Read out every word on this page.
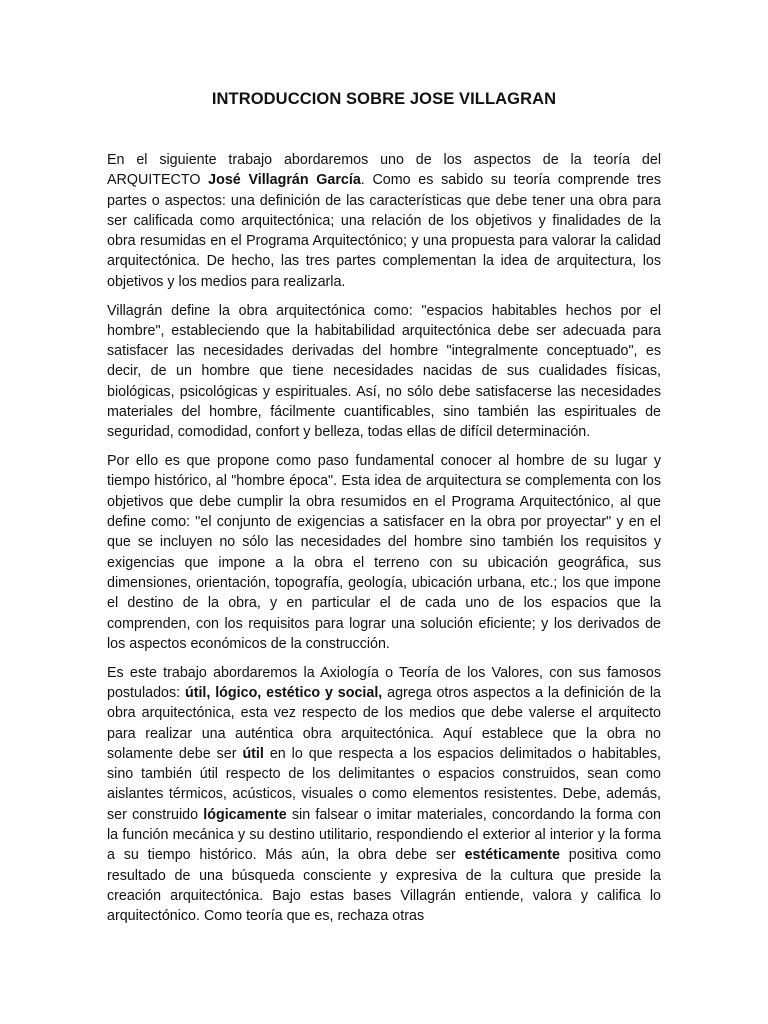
INTRODUCCION SOBRE JOSE VILLAGRAN

En el siguiente trabajo abordaremos uno de los aspectos de la teoría del ARQUITECTO José Villagrán García. Como es sabido su teoría comprende tres partes o aspectos: una definición de las características que debe tener una obra para ser calificada como arquitectónica; una relación de los objetivos y finalidades de la obra resumidas en el Programa Arquitectónico; y una propuesta para valorar la calidad arquitectónica. De hecho, las tres partes complementan la idea de arquitectura, los objetivos y los medios para realizarla.

Villagrán define la obra arquitectónica como: "espacios habitables hechos por el hombre", estableciendo que la habitabilidad arquitectónica debe ser adecuada para satisfacer las necesidades derivadas del hombre "integralmente conceptuado", es decir, de un hombre que tiene necesidades nacidas de sus cualidades físicas, biológicas, psicológicas y espirituales. Así, no sólo debe satisfacerse las necesidades materiales del hombre, fácilmente cuantificables, sino también las espirituales de seguridad, comodidad, confort y belleza, todas ellas de difícil determinación.

Por ello es que propone como paso fundamental conocer al hombre de su lugar y tiempo histórico, al "hombre época". Esta idea de arquitectura se complementa con los objetivos que debe cumplir la obra resumidos en el Programa Arquitectónico, al que define como: "el conjunto de exigencias a satisfacer en la obra por proyectar" y en el que se incluyen no sólo las necesidades del hombre sino también los requisitos y exigencias que impone a la obra el terreno con su ubicación geográfica, sus dimensiones, orientación, topografía, geología, ubicación urbana, etc.; los que impone el destino de la obra, y en particular el de cada uno de los espacios que la comprenden, con los requisitos para lograr una solución eficiente; y los derivados de los aspectos económicos de la construcción.

Es este trabajo abordaremos la Axiología o Teoría de los Valores, con sus famosos postulados: útil, lógico, estético y social, agrega otros aspectos a la definición de la obra arquitectónica, esta vez respecto de los medios que debe valerse el arquitecto para realizar una auténtica obra arquitectónica. Aquí establece que la obra no solamente debe ser útil en lo que respecta a los espacios delimitados o habitables, sino también útil respecto de los delimitantes o espacios construidos, sean como aislantes térmicos, acústicos, visuales o como elementos resistentes. Debe, además, ser construido lógicamente sin falsear o imitar materiales, concordando la forma con la función mecánica y su destino utilitario, respondiendo el exterior al interior y la forma a su tiempo histórico. Más aún, la obra debe ser estéticamente positiva como resultado de una búsqueda consciente y expresiva de la cultura que preside la creación arquitectónica. Bajo estas bases Villagrán entiende, valora y califica lo arquitectónico. Como teoría que es, rechaza otras
